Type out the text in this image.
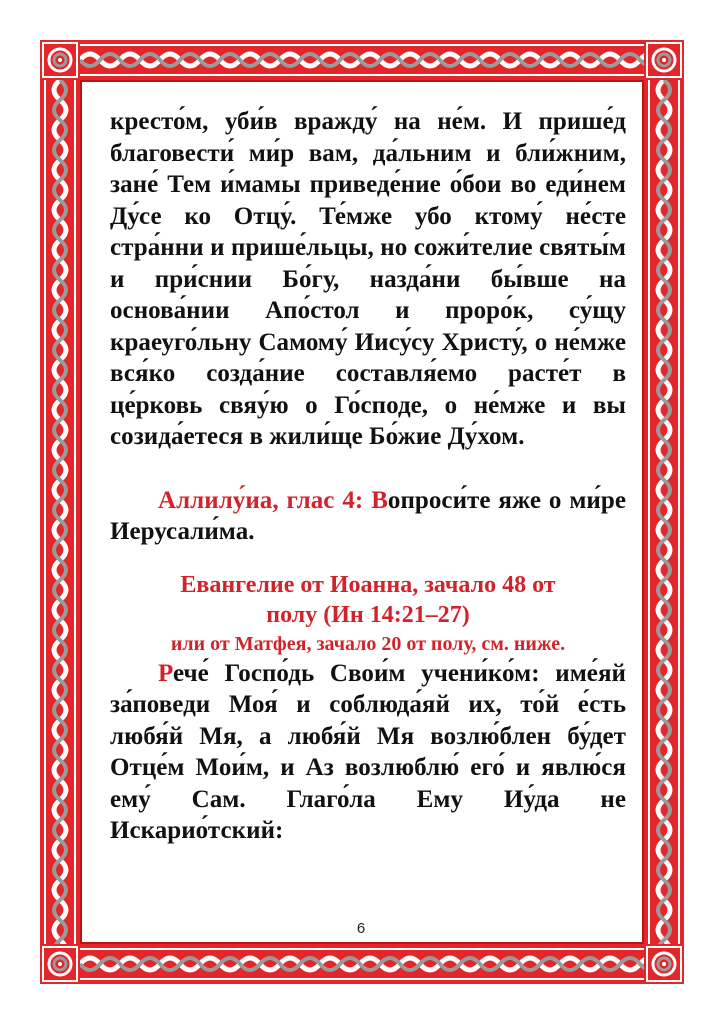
кресто́м, уби́в вражду́ на не́м. И прише́д благовести́ ми́р вам, да́льним и бли́жним, зане́ Тем и́мамы приведе́ние о́бои во еди́нем Ду́се ко Отцу́. Те́мже убо ктому́ не́сте стра́нни и прише́льцы, но сожи́телие святы́м и при́снии Бо́гу, назда́ни бы́вше на основа́нии Апо́стол и проро́к, су́щу краеуго́льну Самому́ Иису́су Христу́, о не́мже вся́ко созда́ние составля́емо расте́т в це́рковь свяу́ю о Го́споде, о не́мже и вы созида́етеся в жили́ще Бо́жие Ду́хом.

Аллилу́иа, глас 4: Вопроси́те яже о ми́ре Иерусали́ма.

Евангелие от Иоанна, зачало 48 от

полу (Ин 14:21–27)

или от Матфея, зачало 20 от полу, см. ниже.

Рече́ Госпо́дь Свои́м учени́ко́м: име́яй за́поведи Моя́ и соблюда́яй их, то́й е́сть любя́й Мя, а любя́й Мя возлю́блен бу́дет Отце́м Мои́м, и Аз возлюблю́ его́ и явлю́ся ему́ Сам. Глаго́ла Ему Иу́да не Искарио́тский:

6
